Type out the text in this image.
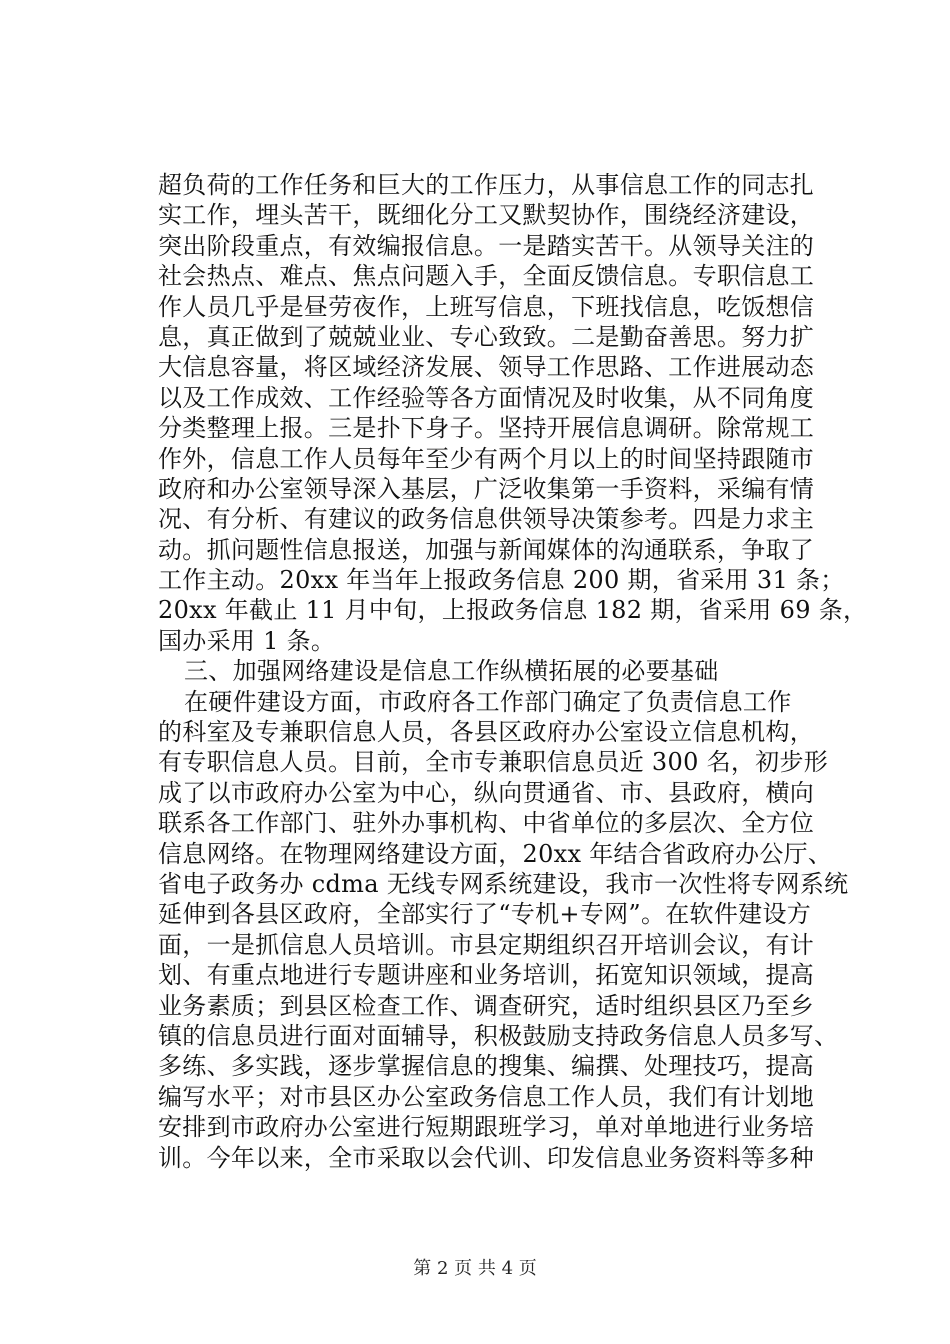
超负荷的工作任务和巨大的工作压力，从事信息工作的同志扎
实工作，埋头苦干，既细化分工又默契协作，围绕经济建设，
突出阶段重点，有效编报信息。一是踏实苦干。从领导关注的
社会热点、难点、焦点问题入手，全面反馈信息。专职信息工
作人员几乎是昼劳夜作，上班写信息，下班找信息，吃饭想信
息，真正做到了兢兢业业、专心致致。二是勤奋善思。努力扩
大信息容量，将区域经济发展、领导工作思路、工作进展动态
以及工作成效、工作经验等各方面情况及时收集，从不同角度
分类整理上报。三是扑下身子。坚持开展信息调研。除常规工
作外，信息工作人员每年至少有两个月以上的时间坚持跟随市
政府和办公室领导深入基层，广泛收集第一手资料，采编有情
况、有分析、有建议的政务信息供领导决策参考。四是力求主
动。抓问题性信息报送，加强与新闻媒体的沟通联系，争取了
工作主动。20xx 年当年上报政务信息 200 期，省采用 31 条；
20xx 年截止 11 月中旬，上报政务信息 182 期，省采用 69 条，
国办采用 1 条。
三、加强网络建设是信息工作纵横拓展的必要基础
在硬件建设方面，市政府各工作部门确定了负责信息工作
的科室及专兼职信息人员，各县区政府办公室设立信息机构，
有专职信息人员。目前，全市专兼职信息员近 300 名，初步形
成了以市政府办公室为中心，纵向贯通省、市、县政府，横向
联系各工作部门、驻外办事机构、中省单位的多层次、全方位
信息网络。在物理网络建设方面，20xx 年结合省政府办公厅、
省电子政务办 cdma 无线专网系统建设，我市一次性将专网系统
延伸到各县区政府，全部实行了“专机+专网”。在软件建设方
面，一是抓信息人员培训。市县定期组织召开培训会议，有计
划、有重点地进行专题讲座和业务培训，拓宽知识领域，提高
业务素质；到县区检查工作、调查研究，适时组织县区乃至乡
镇的信息员进行面对面辅导，积极鼓励支持政务信息人员多写、
多练、多实践，逐步掌握信息的搜集、编撰、处理技巧，提高
编写水平；对市县区办公室政务信息工作人员，我们有计划地
安排到市政府办公室进行短期跟班学习，单对单地进行业务培
训。今年以来，全市采取以会代训、印发信息业务资料等多种
第 2 页 共 4 页
